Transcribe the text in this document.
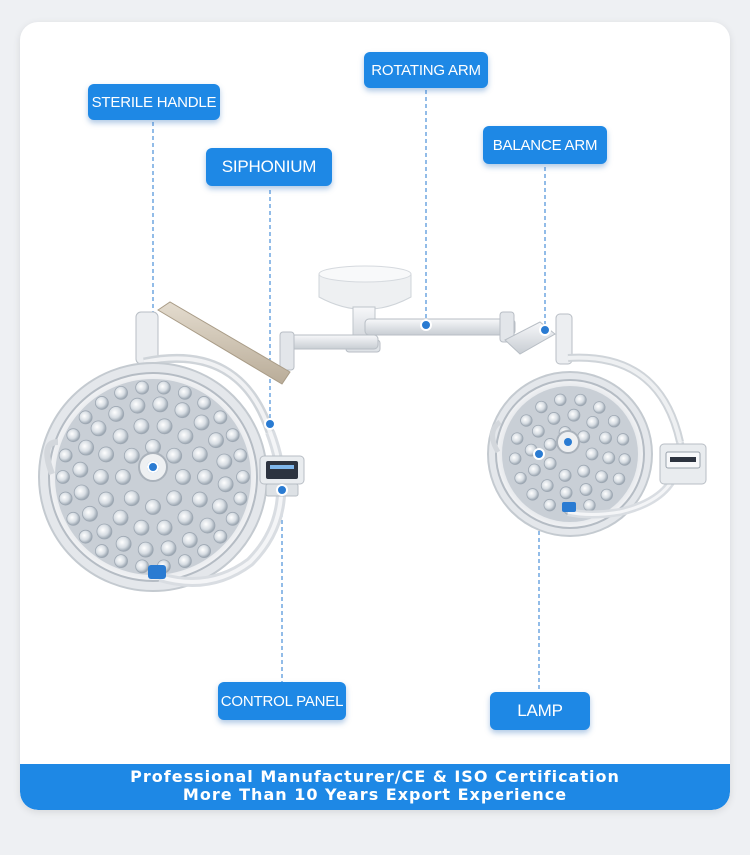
STERILE HANDLE
SIPHONIUM
ROTATING ARM
BALANCE ARM
CONTROL PANEL	LAMP
Professional Manufacturer/CE & ISO Certification
More Than 10 Years Export Experience
